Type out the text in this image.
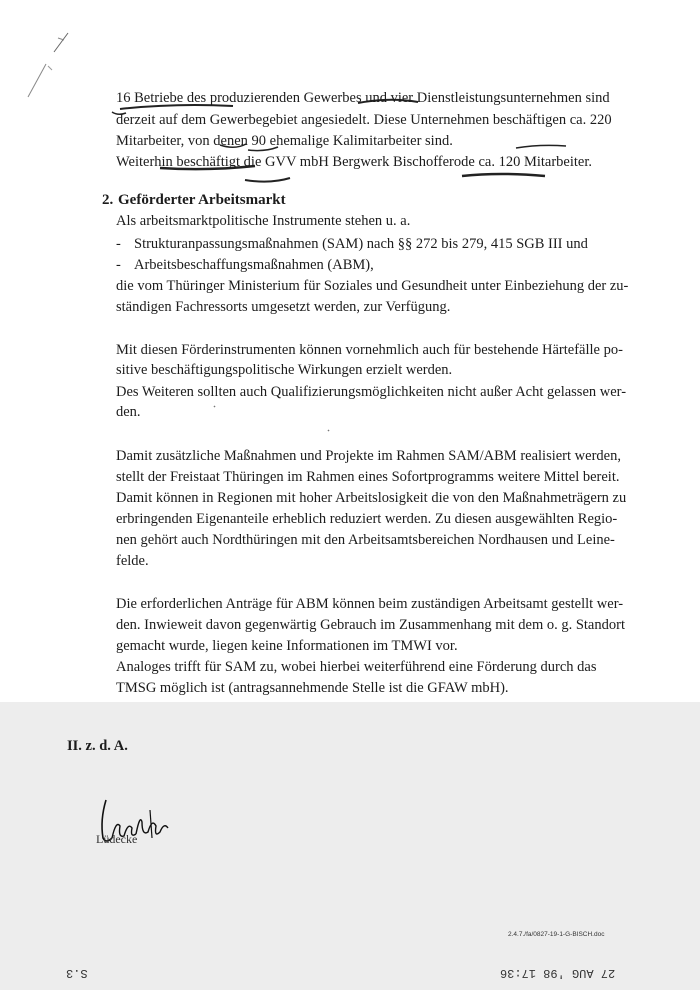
16 Betriebe des produzierenden Gewerbes und vier Dienstleistungsunternehmen sind
derzeit auf dem Gewerbegebiet angesiedelt. Diese Unternehmen beschäftigen ca. 220
Mitarbeiter, von denen 90 ehemalige Kalimitarbeiter sind.
Weiterhin beschäftigt die GVV mbH Bergwerk Bischofferode ca. 120 Mitarbeiter.
2. Geförderter Arbeitsmarkt
Als arbeitsmarktpolitische Instrumente stehen u. a.
- Strukturanpassungsmaßnahmen (SAM) nach §§ 272 bis 279, 415 SGB III und
- Arbeitsbeschaffungsmaßnahmen (ABM),
die vom Thüringer Ministerium für Soziales und Gesundheit unter Einbeziehung der zu-
ständigen Fachressorts umgesetzt werden, zur Verfügung.
Mit diesen Förderinstrumenten können vornehmlich auch für bestehende Härtefälle po-
sitive beschäftigungspolitische Wirkungen erzielt werden.
Des Weiteren sollten auch Qualifizierungsmöglichkeiten nicht außer Acht gelassen wer-
den.
Damit zusätzliche Maßnahmen und Projekte im Rahmen SAM/ABM realisiert werden,
stellt der Freistaat Thüringen im Rahmen eines Sofortprogramms weitere Mittel bereit.
Damit können in Regionen mit hoher Arbeitslosigkeit die von den Maßnahmeträgern zu
erbringenden Eigenanteile erheblich reduziert werden. Zu diesen ausgewählten Regio-
nen gehört auch Nordthüringen mit den Arbeitsamtsbereichen Nordhausen und Leine-
felde.
Die erforderlichen Anträge für ABM können beim zuständigen Arbeitsamt gestellt wer-
den. Inwieweit davon gegenwärtig Gebrauch im Zusammenhang mit dem o. g. Standort
gemacht wurde, liegen keine Informationen im TMWI vor.
Analoges trifft für SAM zu, wobei hierbei weiterführend eine Förderung durch das
TMSG möglich ist (antragsannehmende Stelle ist die GFAW mbH).
II. z. d. A.
Lüdecke
2.4.7./fa/0827-19-1-G-BISCH.doc
S.3	27 AUG '98 17:36
